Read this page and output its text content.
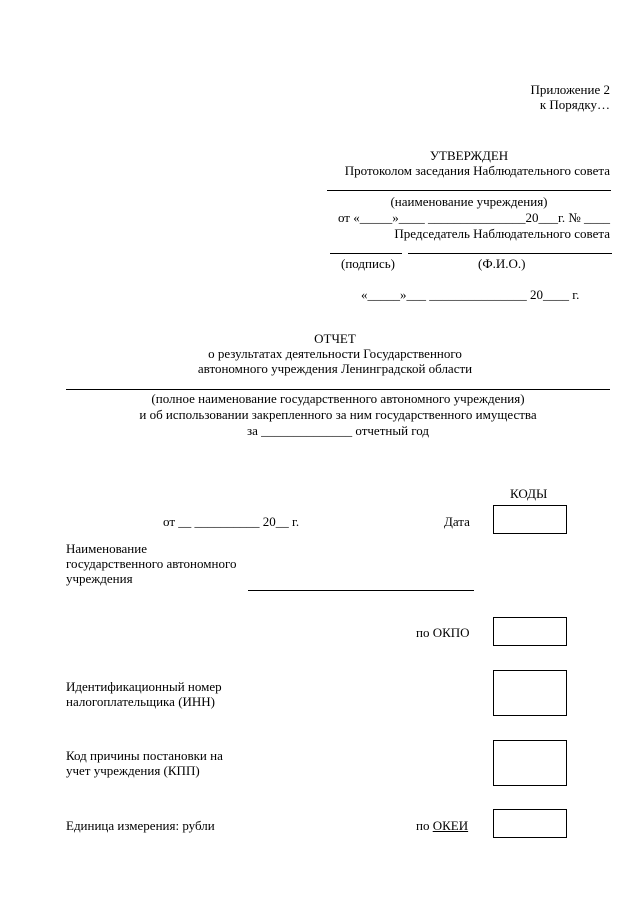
Приложение 2
к Порядку…
УТВЕРЖДЕН
Протоколом заседания Наблюдательного совета
(наименование учреждения)
от «_____»____ _______________20___г. № ____
Председатель Наблюдательного совета
(подпись)	(Ф.И.О.)
«_____»___ _______________ 20____ г.
ОТЧЕТ
о результатах деятельности Государственного
автономного учреждения Ленинградской области
(полное наименование государственного автономного учреждения)
и об использовании закрепленного за ним государственного имущества
за ______________ отчетный год
КОДЫ
от __ __________ 20__ г.	Дата
Наименование
государственного автономного
учреждения
по ОКПО
Идентификационный номер
налогоплательщика (ИНН)
Код причины постановки на
учет учреждения (КПП)
Единица измерения: рубли	по ОКЕИ
